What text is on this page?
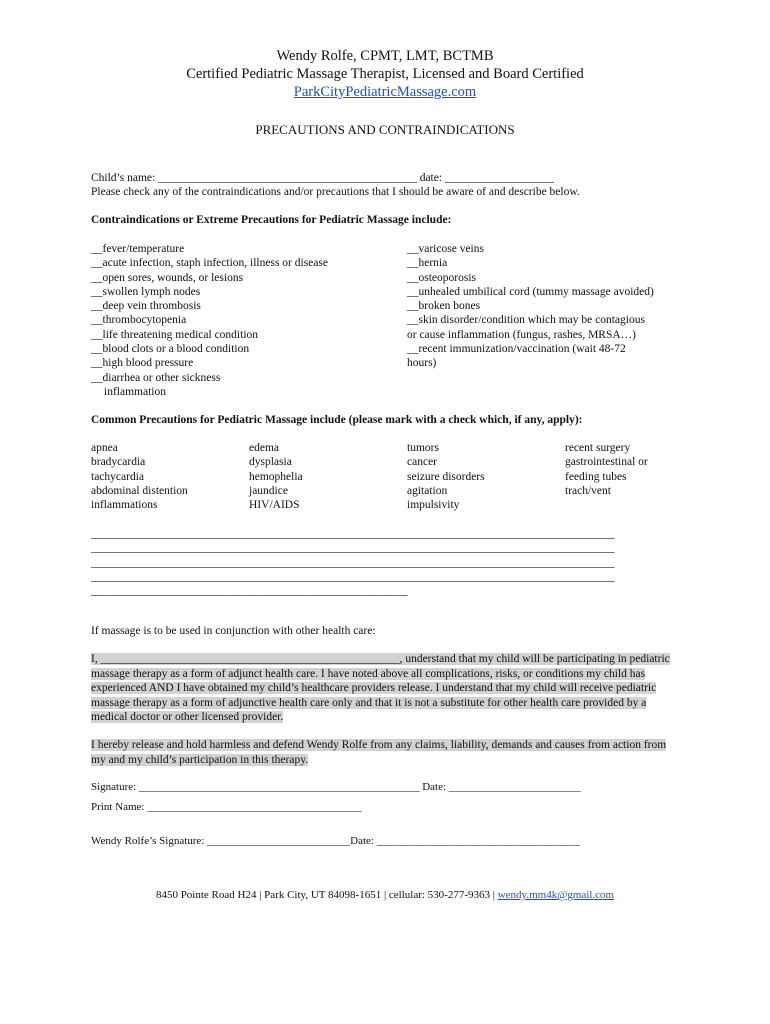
Wendy Rolfe, CPMT, LMT, BCTMB
Certified Pediatric Massage Therapist, Licensed and Board Certified
ParkCityPediatricMassage.com
PRECAUTIONS AND CONTRAINDICATIONS
Child’s name: _____________________________________________ date: ___________________
Please check any of the contraindications and/or precautions that I should be aware of and describe below.
Contraindications or Extreme Precautions for Pediatric Massage include:
__fever/temperature
__acute infection, staph infection, illness or disease
__open sores, wounds, or lesions
__swollen lymph nodes
__deep vein thrombosis
__thrombocytopenia
__life threatening medical condition
__blood clots or a blood condition
__high blood pressure
__diarrhea or other sickness
inflammation
__varicose veins
__hernia
__osteoporosis
__unhealed umbilical cord (tummy massage avoided)
__broken bones
__skin disorder/condition which may be contagious
or cause inflammation (fungus, rashes, MRSA…)
__recent immunization/vaccination (wait 48-72
hours)
Common Precautions for Pediatric Massage include (please mark with a check which, if any, apply):
apnea
bradycardia
tachycardia
abdominal distention
inflammations
edema
dysplasia
hemophelia
jaundice
HIV/AIDS
tumors
cancer
seizure disorders
agitation
impulsivity
recent surgery
gastrointestinal or
feeding tubes
trach/vent
________________________________________________________________________________________________
________________________________________________________________________________________________
________________________________________________________________________________________________
________________________________________________________________________________________________
__________________________________________________________
If massage is to be used in conjunction with other health care:
I, ____________________________________________________, understand that my child will be participating in pediatric massage therapy as a form of adjunct health care. I have noted above all complications, risks, or conditions my child has experienced AND I have obtained my child’s healthcare providers release. I understand that my child will receive pediatric massage therapy as a form of adjunctive health care only and that it is not a substitute for other health care provided by a medical doctor or other licensed provider.
I hereby release and hold harmless and defend Wendy Rolfe from any claims, liability, demands and causes from action from my and my child’s participation in this therapy.
Signature: ___________________________________________________ Date: ________________________
Print Name: _______________________________________
Wendy Rolfe’s Signature: __________________________Date: _____________________________________
8450 Pointe Road H24 | Park City, UT 84098-1651 | cellular: 530-277-9363 | wendy.mm4k@gmail.com
